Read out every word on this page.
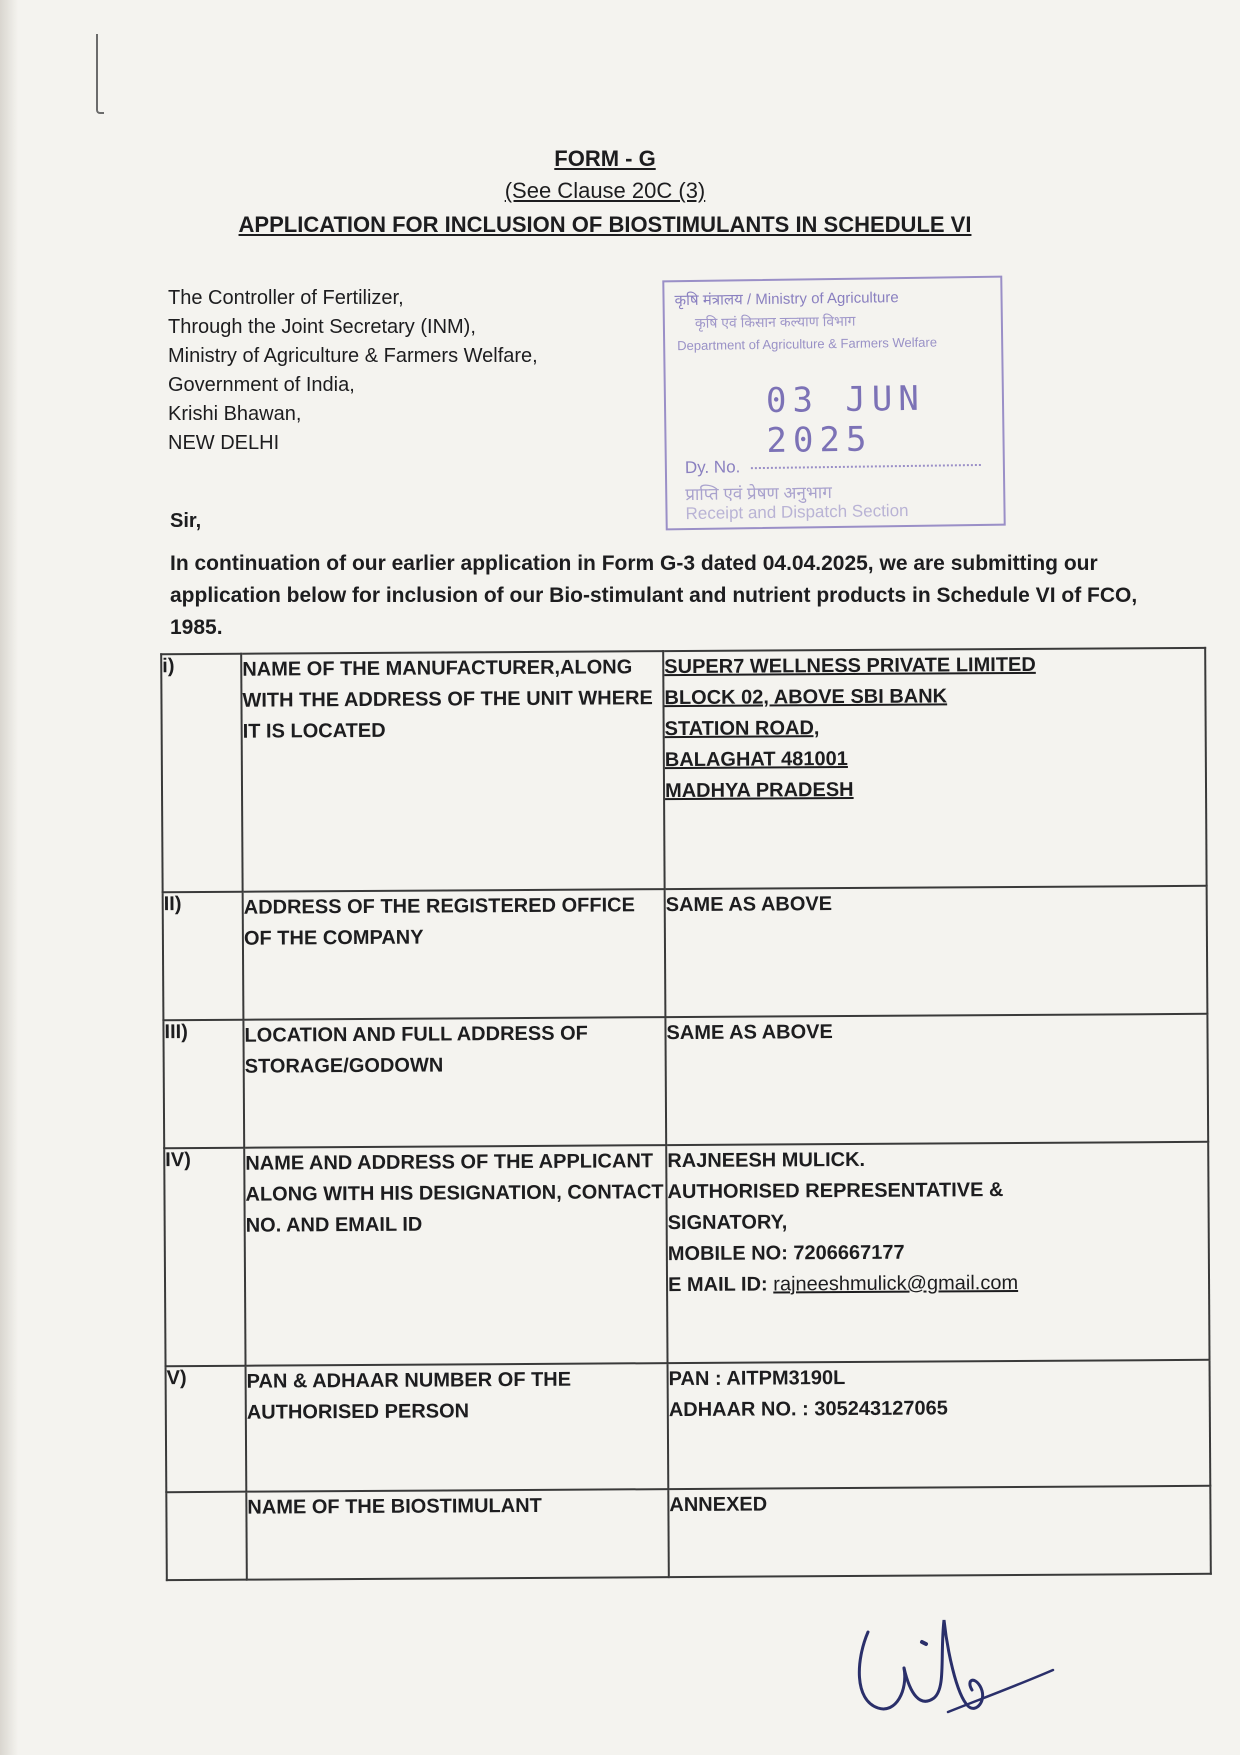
FORM - G
(See Clause 20C (3)
APPLICATION FOR INCLUSION OF BIOSTIMULANTS IN SCHEDULE VI
The Controller of Fertilizer,
Through the Joint Secretary (INM),
Ministry of Agriculture & Farmers Welfare,
Government of India,
Krishi Bhawan,
NEW DELHI
कृषि मंत्रालय / Ministry of Agriculture
कृषि एवं किसान कल्याण विभाग
Department of Agriculture & Farmers Welfare
03 JUN 2025
Dy. No.
प्राप्ति एवं प्रेषण अनुभाग
Receipt and Dispatch Section
Sir,
In continuation of our earlier application in Form G-3 dated 04.04.2025, we are submitting our application below for inclusion of our Bio-stimulant and nutrient products in Schedule VI of FCO, 1985.
i)	NAME OF THE MANUFACTURER,ALONG WITH THE ADDRESS OF THE UNIT WHERE IT IS LOCATED	SUPER7 WELLNESS PRIVATE LIMITED
BLOCK 02, ABOVE SBI BANK
STATION ROAD,
BALAGHAT 481001
MADHYA PRADESH

II)	ADDRESS OF THE REGISTERED OFFICE OF THE COMPANY	SAME AS ABOVE
III)	LOCATION AND FULL ADDRESS OF STORAGE/GODOWN	SAME AS ABOVE
IV)	NAME AND ADDRESS OF THE APPLICANT ALONG WITH HIS DESIGNATION, CONTACT NO. AND EMAIL ID	RAJNEESH MULICK.
AUTHORISED REPRESENTATIVE &
SIGNATORY,
MOBILE NO: 7206667177
E MAIL ID: rajneeshmulick@gmail.com

V)	PAN & ADHAAR NUMBER OF THE AUTHORISED PERSON	PAN : AITPM3190L
ADHAAR NO. : 305243127065

	NAME OF THE BIOSTIMULANT	ANNEXED
